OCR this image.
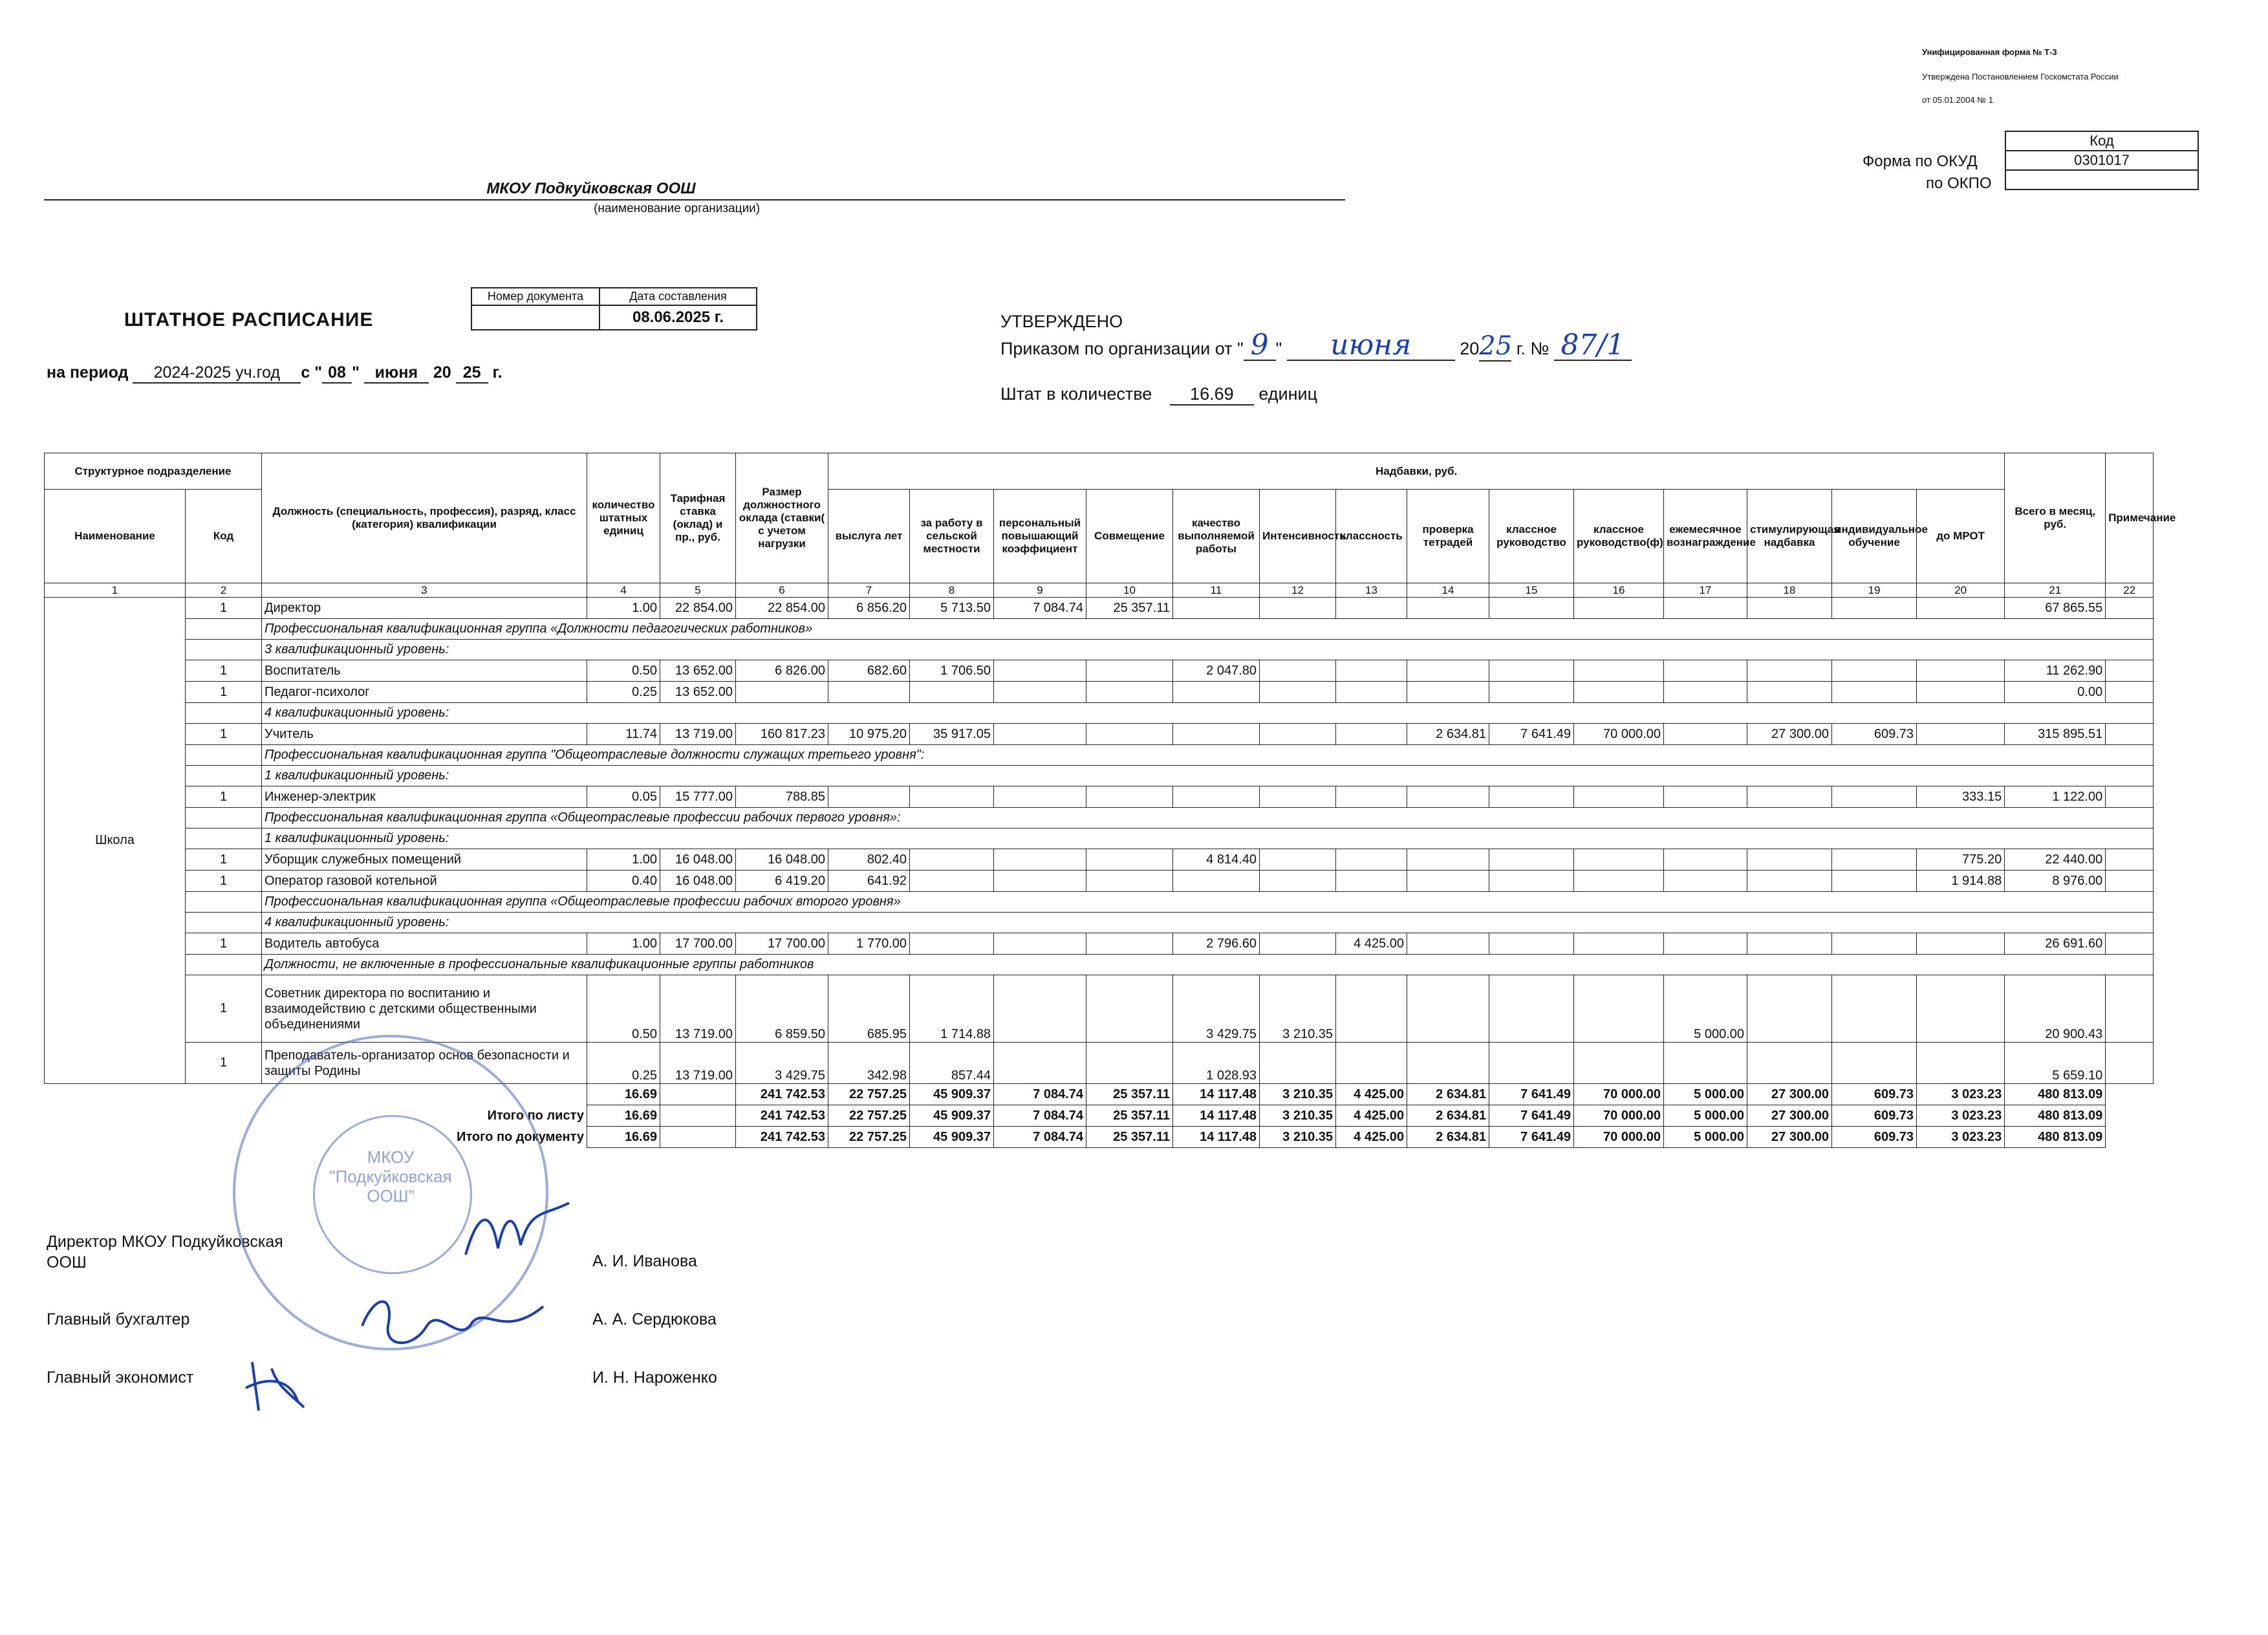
Унифицированная форма № Т-3
Утверждена Постановлением Госкомстата России
от 05.01.2004 № 1
Форма по ОКУД
по ОКПО
Код
0301017

МКОУ Подкуйковская ООШ
(наименование организации)
ШТАТНОЕ РАСПИСАНИЕ
Номер документа	Дата составления
	08.06.2025 г.
на период 2024-2025 уч.год с " 08 " июня 20 25 г.
УТВЕРЖДЕНО
Приказом по организации от " 9 " июня	2025 г. № 87/1
Штат в количестве 16.69 единиц
Структурное подразделение		Должность (специальность, профессия), разряд, класс (категория) квалификации	количество штатных единиц	Тарифная ставка (оклад) и пр., руб.	Размер должностного оклада (ставки( с учетом нагрузки	Надбавки, руб.														Всего в месяц, руб.	Примечание
Наименование	Код					выслуга лет	за работу в сельской местности	персональный повышающий коэффициент	Совмещение	качество выполняемой работы	Интенсивность	классность	проверка тетрадей	классное руководство	классное руководство(ф)	ежемесячное вознаграждение	стимулирующая надбавка	индивидуальное обучение	до МРОТ		
1	2	3	4	5	6	7	8	9	10	11	12	13	14	15	16	17	18	19	20	21	22
Школа	1	Директор	1.00	22 854.00	22 854.00	6 856.20	5 713.50	7 084.74	25 357.11											67 865.55	
		Профессиональная квалификационная группа «Должности педагогических работников»																			
		3 квалификационный уровень:																			
	1	Воспитатель	0.50	13 652.00	6 826.00	682.60	1 706.50			2 047.80										11 262.90	
	1	Педагог-психолог	0.25	13 652.00																0.00	
		4 квалификационный уровень:																			
	1	Учитель	11.74	13 719.00	160 817.23	10 975.20	35 917.05						2 634.81	7 641.49	70 000.00		27 300.00	609.73		315 895.51	
		Профессиональная квалификационная группа "Общеотраслевые должности служащих третьего уровня":																			
		1 квалификационный уровень:																			
	1	Инженер-электрик	0.05	15 777.00	788.85														333.15	1 122.00	
		Профессиональная квалификационная группа «Общеотраслевые профессии рабочих первого уровня»:																			
		1 квалификационный уровень:																			
	1	Уборщик служебных помещений	1.00	16 048.00	16 048.00	802.40				4 814.40									775.20	22 440.00	
	1	Оператор газовой котельной	0.40	16 048.00	6 419.20	641.92													1 914.88	8 976.00	
		Профессиональная квалификационная группа «Общеотраслевые профессии рабочих второго уровня»																			
		4 квалификационный уровень:																			
	1	Водитель автобуса	1.00	17 700.00	17 700.00	1 770.00				2 796.60		4 425.00								26 691.60	
		Должности, не включенные в профессиональные квалификационные группы работников																			
	1	Советник директора по воспитанию и взаимодействию с детскими общественными объединениями	0.50	13 719.00	6 859.50	685.95	1 714.88			3 429.75	3 210.35					5 000.00				20 900.43	
	1	Преподаватель-организатор основ безопасности и защиты Родины	0.25	13 719.00	3 429.75	342.98	857.44			1 028.93										5 659.10	
			16.69		241 742.53	22 757.25	45 909.37	7 084.74	25 357.11	14 117.48	3 210.35	4 425.00	2 634.81	7 641.49	70 000.00	5 000.00	27 300.00	609.73	3 023.23	480 813.09	
Итого по листу			16.69		241 742.53	22 757.25	45 909.37	7 084.74	25 357.11	14 117.48	3 210.35	4 425.00	2 634.81	7 641.49	70 000.00	5 000.00	27 300.00	609.73	3 023.23	480 813.09	
Итого по документу			16.69		241 742.53	22 757.25	45 909.37	7 084.74	25 357.11	14 117.48	3 210.35	4 425.00	2 634.81	7 641.49	70 000.00	5 000.00	27 300.00	609.73	3 023.23	480 813.09	
Директор МКОУ Подкуйковская ООШ	А. И. Иванова
Главный бухгалтер	А. А. Сердюкова
Главный экономист	И. Н. Нароженко
МКОУ
"Подкуйковская
ООШ"
